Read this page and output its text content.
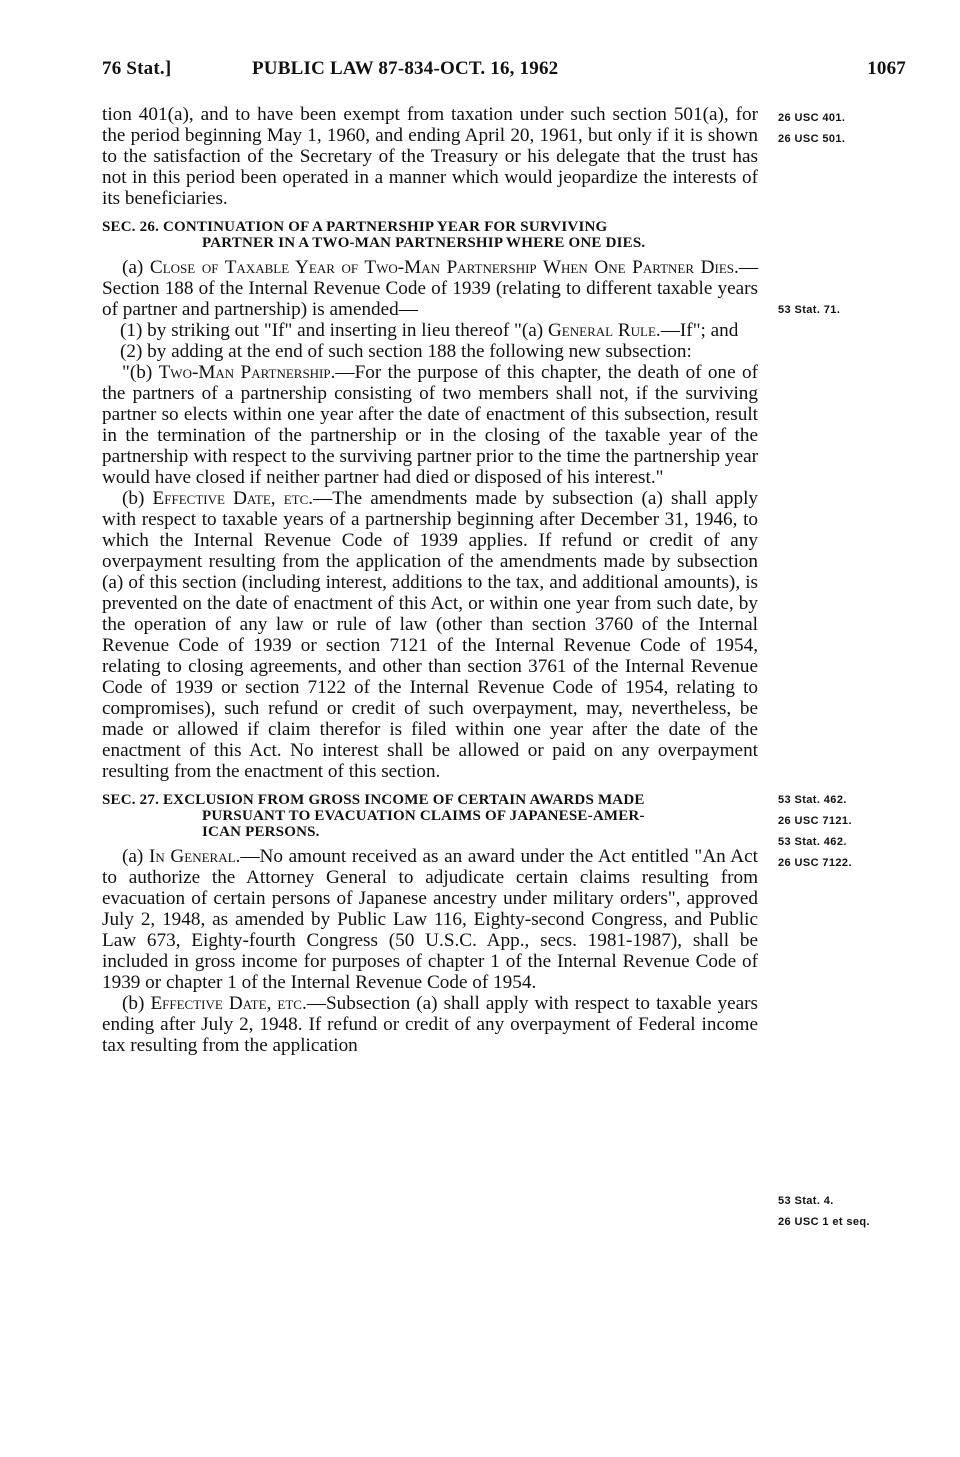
76 Stat.]	PUBLIC LAW 87-834-OCT. 16, 1962	1067
26 USC 401.
26 USC 501.
53 Stat. 71.
53 Stat. 462.
26 USC 7121.
53 Stat. 462.
26 USC 7122.
53 Stat. 4.
26 USC 1 et seq.

tion 401(a), and to have been exempt from taxation under such section 501(a), for the period beginning May 1, 1960, and ending April 20, 1961, but only if it is shown to the satisfaction of the Secretary of the Treasury or his delegate that the trust has not in this period been operated in a manner which would jeopardize the interests of its beneficiaries.

SEC. 26. CONTINUATION OF A PARTNERSHIP YEAR FOR SURVIVING
PARTNER IN A TWO-MAN PARTNERSHIP WHERE ONE DIES.

(a) Close of Taxable Year of Two-Man Partnership When One Partner Dies.—Section 188 of the Internal Revenue Code of 1939 (relating to different taxable years of partner and partnership) is amended—

(1) by striking out "If" and inserting in lieu thereof "(a) General Rule.—If"; and

(2) by adding at the end of such section 188 the following new subsection:

"(b) Two-Man Partnership.—For the purpose of this chapter, the death of one of the partners of a partnership consisting of two members shall not, if the surviving partner so elects within one year after the date of enactment of this subsection, result in the termination of the partnership or in the closing of the taxable year of the partnership with respect to the surviving partner prior to the time the partnership year would have closed if neither partner had died or disposed of his interest."

(b) Effective Date, etc.—The amendments made by subsection (a) shall apply with respect to taxable years of a partnership beginning after December 31, 1946, to which the Internal Revenue Code of 1939 applies. If refund or credit of any overpayment resulting from the application of the amendments made by subsection (a) of this section (including interest, additions to the tax, and additional amounts), is prevented on the date of enactment of this Act, or within one year from such date, by the operation of any law or rule of law (other than section 3760 of the Internal Revenue Code of 1939 or section 7121 of the Internal Revenue Code of 1954, relating to closing agreements, and other than section 3761 of the Internal Revenue Code of 1939 or section 7122 of the Internal Revenue Code of 1954, relating to compromises), such refund or credit of such overpayment, may, nevertheless, be made or allowed if claim therefor is filed within one year after the date of the enactment of this Act. No interest shall be allowed or paid on any overpayment resulting from the enactment of this section.

SEC. 27. EXCLUSION FROM GROSS INCOME OF CERTAIN AWARDS MADE
PURSUANT TO EVACUATION CLAIMS OF JAPANESE-AMER-
ICAN PERSONS.

(a) In General.—No amount received as an award under the Act entitled "An Act to authorize the Attorney General to adjudicate certain claims resulting from evacuation of certain persons of Japanese ancestry under military orders", approved July 2, 1948, as amended by Public Law 116, Eighty-second Congress, and Public Law 673, Eighty-fourth Congress (50 U.S.C. App., secs. 1981-1987), shall be included in gross income for purposes of chapter 1 of the Internal Revenue Code of 1939 or chapter 1 of the Internal Revenue Code of 1954.

(b) Effective Date, etc.—Subsection (a) shall apply with respect to taxable years ending after July 2, 1948. If refund or credit of any overpayment of Federal income tax resulting from the application
